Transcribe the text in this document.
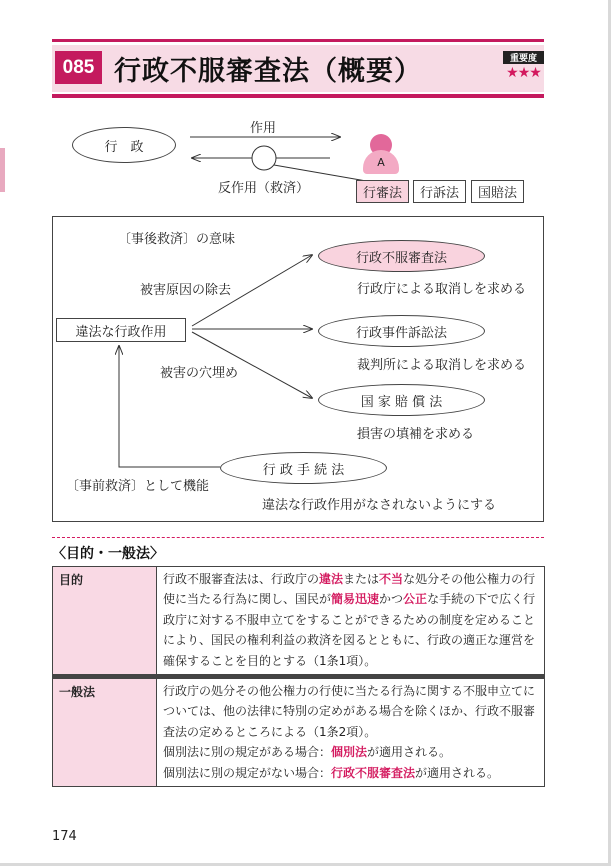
085 行政不服審査法（概要）	重要度
★★★
行　政
作用
反作用（救済）
A
行審法	行訴法	国賠法
〔事後救済〕の意味
被害原因の除去
違法な行政作用
被害の穴埋め
〔事前救済〕として機能
行政不服審査法
行政庁による取消しを求める
行政事件訴訟法
裁判所による取消しを求める
国 家 賠 償 法
損害の填補を求める
行 政 手 続 法
違法な行政作用がなされないようにする
〈目的・一般法〉
目的	行政不服審査法は、行政庁の違法または不当な処分その他公権力の行使に当たる行為に関し、国民が簡易迅速かつ公正な手続の下で広く行政庁に対する不服申立てをすることができるための制度を定めることにより、国民の権利利益の救済を図るとともに、行政の適正な運営を確保することを目的とする（1条1項）。

一般法	行政庁の処分その他公権力の行使に当たる行為に関する不服申立てについては、他の法律に特別の定めがある場合を除くほか、行政不服審査法の定めるところによる（1条2項）。
個別法に別の規定がある場合：個別法が適用される。
個別法に別の規定がない場合：行政不服審査法が適用される。
174
